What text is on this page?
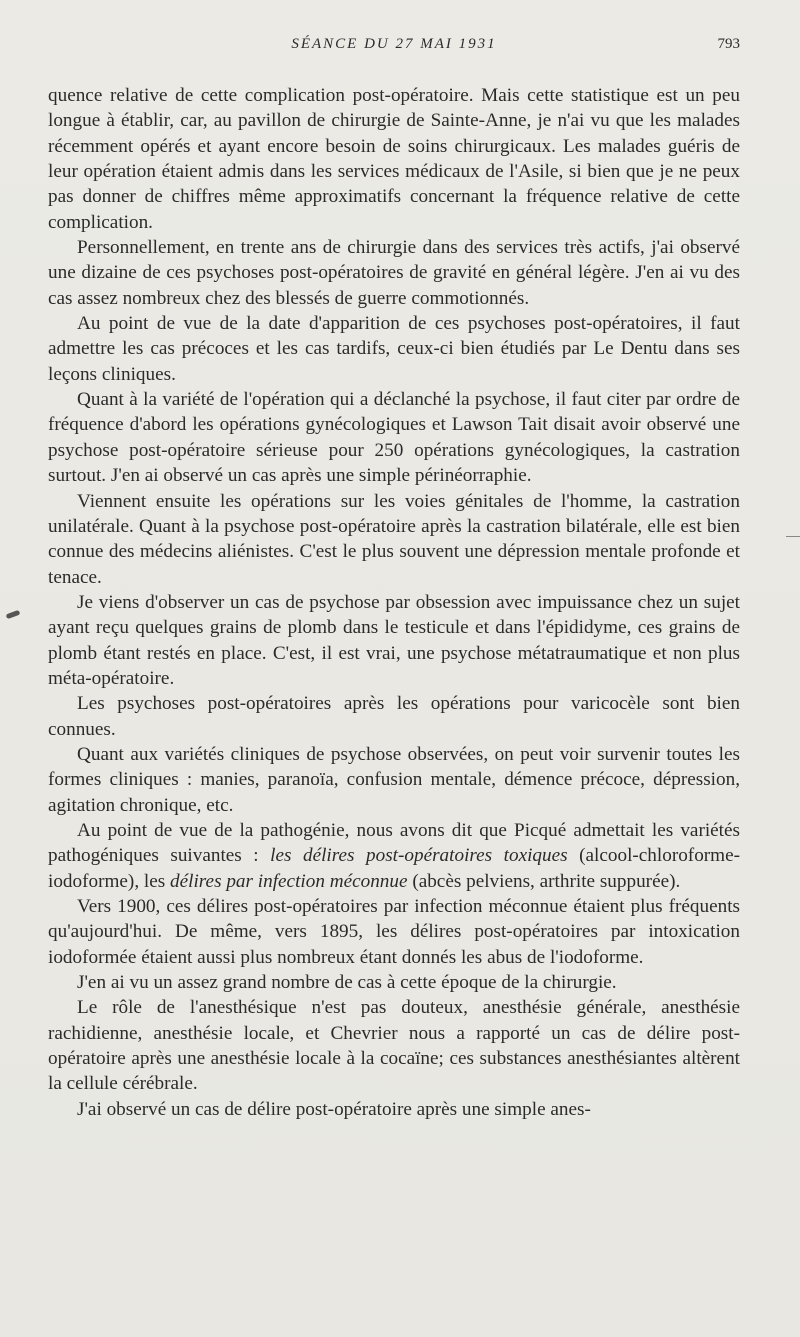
SÉANCE DU 27 MAI 1931	793

quence relative de cette complication post-opératoire. Mais cette statistique est un peu longue à établir, car, au pavillon de chirurgie de Sainte-Anne, je n'ai vu que les malades récemment opérés et ayant encore besoin de soins chirurgicaux. Les malades guéris de leur opération étaient admis dans les services médicaux de l'Asile, si bien que je ne peux pas donner de chiffres même approximatifs concernant la fréquence relative de cette complication.

Personnellement, en trente ans de chirurgie dans des services très actifs, j'ai observé une dizaine de ces psychoses post-opératoires de gravité en général légère. J'en ai vu des cas assez nombreux chez des blessés de guerre commotionnés.

Au point de vue de la date d'apparition de ces psychoses post-opératoires, il faut admettre les cas précoces et les cas tardifs, ceux-ci bien étudiés par Le Dentu dans ses leçons cliniques.

Quant à la variété de l'opération qui a déclanché la psychose, il faut citer par ordre de fréquence d'abord les opérations gynécologiques et Lawson Tait disait avoir observé une psychose post-opératoire sérieuse pour 250 opérations gynécologiques, la castration surtout. J'en ai observé un cas après une simple périnéorraphie.

Viennent ensuite les opérations sur les voies génitales de l'homme, la castration unilatérale. Quant à la psychose post-opératoire après la castration bilatérale, elle est bien connue des médecins aliénistes. C'est le plus souvent une dépression mentale profonde et tenace.

Je viens d'observer un cas de psychose par obsession avec impuissance chez un sujet ayant reçu quelques grains de plomb dans le testicule et dans l'épididyme, ces grains de plomb étant restés en place. C'est, il est vrai, une psychose métatraumatique et non plus méta-opératoire.

Les psychoses post-opératoires après les opérations pour varicocèle sont bien connues.

Quant aux variétés cliniques de psychose observées, on peut voir survenir toutes les formes cliniques : manies, paranoïa, confusion mentale, démence précoce, dépression, agitation chronique, etc.

Au point de vue de la pathogénie, nous avons dit que Picqué admettait les variétés pathogéniques suivantes : les délires post-opératoires toxiques (alcool-chloroforme-iodoforme), les délires par infection méconnue (abcès pelviens, arthrite suppurée).

Vers 1900, ces délires post-opératoires par infection méconnue étaient plus fréquents qu'aujourd'hui. De même, vers 1895, les délires post-opératoires par intoxication iodoformée étaient aussi plus nombreux étant donnés les abus de l'iodoforme.

J'en ai vu un assez grand nombre de cas à cette époque de la chirurgie.

Le rôle de l'anesthésique n'est pas douteux, anesthésie générale, anesthésie rachidienne, anesthésie locale, et Chevrier nous a rapporté un cas de délire post-opératoire après une anesthésie locale à la cocaïne; ces substances anesthésiantes altèrent la cellule cérébrale.

J'ai observé un cas de délire post-opératoire après une simple anes-
